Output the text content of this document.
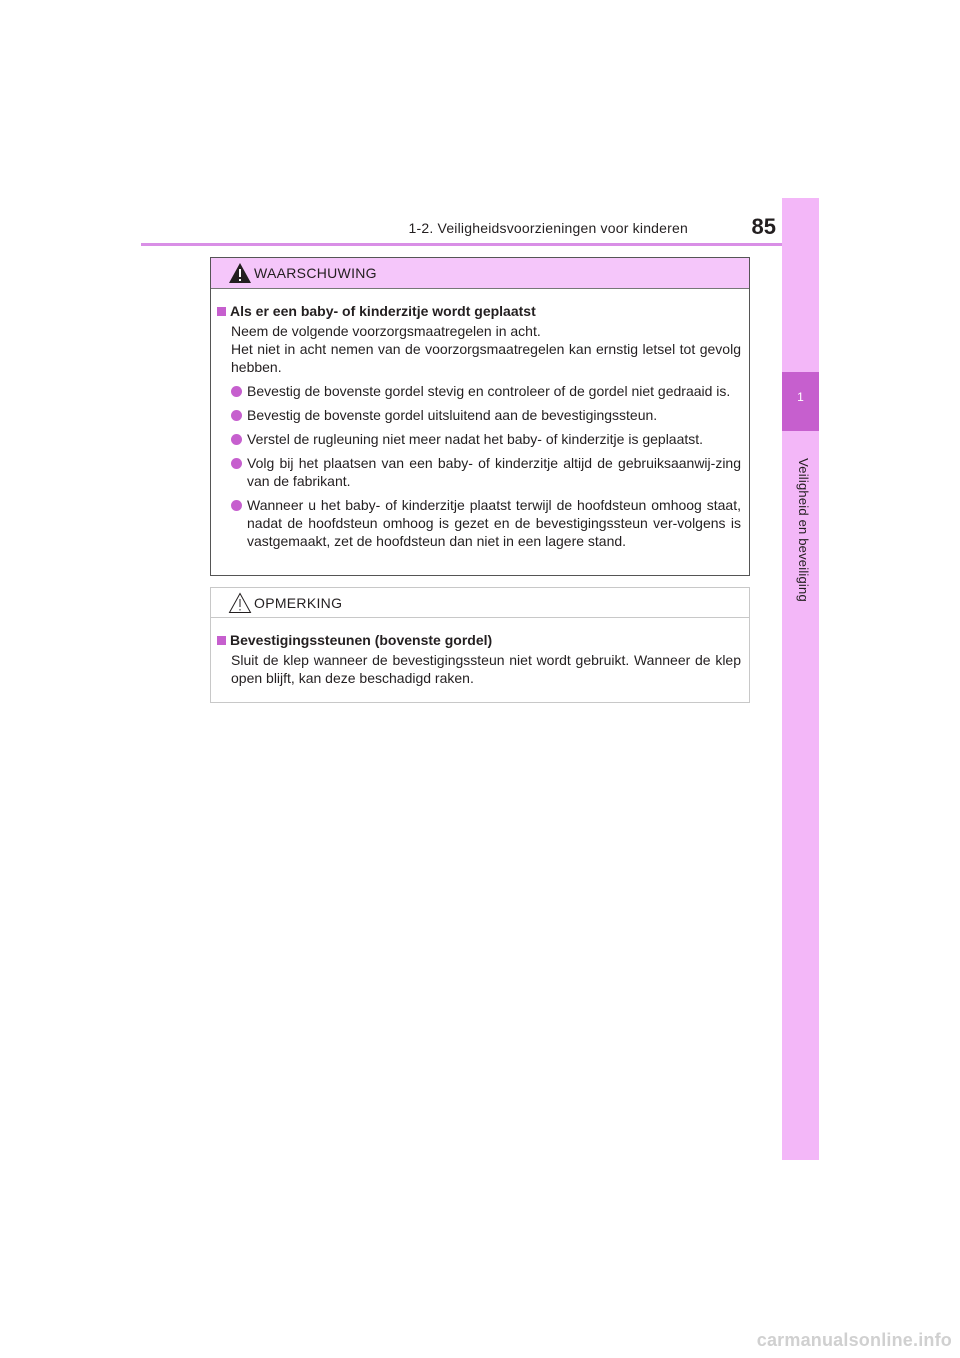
1-2. Veiligheidsvoorzieningen voor kinderen	85
1
Veiligheid en beveiliging
WAARSCHUWING
Als er een baby- of kinderzitje wordt geplaatst
Neem de volgende voorzorgsmaatregelen in acht.
Het niet in acht nemen van de voorzorgsmaatregelen kan ernstig letsel tot gevolg hebben.
Bevestig de bovenste gordel stevig en controleer of de gordel niet gedraaid is.
Bevestig de bovenste gordel uitsluitend aan de bevestigingssteun.
Verstel de rugleuning niet meer nadat het baby- of kinderzitje is geplaatst.
Volg bij het plaatsen van een baby- of kinderzitje altijd de gebruiksaanwij-zing van de fabrikant.
Wanneer u het baby- of kinderzitje plaatst terwijl de hoofdsteun omhoog staat, nadat de hoofdsteun omhoog is gezet en de bevestigingssteun ver-volgens is vastgemaakt, zet de hoofdsteun dan niet in een lagere stand.
OPMERKING
Bevestigingssteunen (bovenste gordel)
Sluit de klep wanneer de bevestigingssteun niet wordt gebruikt. Wanneer de klep open blijft, kan deze beschadigd raken.
carmanualsonline.info
